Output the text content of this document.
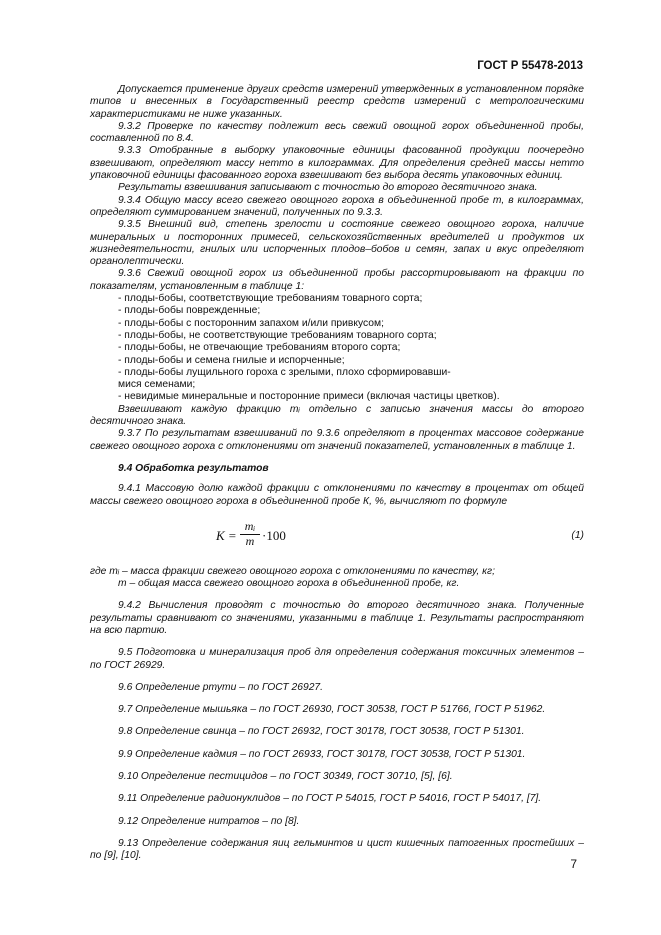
ГОСТ Р 55478-2013

Допускается применение других средств измерений утвержденных в установленном порядке типов и внесенных в Государственный реестр средств измерений с метрологическими характеристиками не ниже указанных.

9.3.2 Проверке по качеству подлежит весь свежий овощной горох объединенной пробы, составленной по 8.4.

9.3.3 Отобранные в выборку упаковочные единицы фасованной продукции поочередно взвешивают, определяют массу нетто в килограммах. Для определения средней массы нетто упаковочной единицы фасованного гороха взвешивают без выбора десять упаковочных единиц.

Результаты взвешивания записывают с точностью до второго десятичного знака.

9.3.4 Общую массу всего свежего овощного гороха в объединенной пробе m, в килограммах, определяют суммированием значений, полученных по 9.3.3.

9.3.5 Внешний вид, степень зрелости и состояние свежего овощного гороха, наличие минеральных и посторонних примесей, сельскохозяйственных вредителей и продуктов их жизнедеятельности, гнилых или испорченных плодов–бобов и семян, запах и вкус определяют органолептически.

9.3.6 Свежий овощной горох из объединенной пробы рассортировывают на фракции по показателям, установленным в таблице 1:

- плоды-бобы, соответствующие требованиям товарного сорта;

- плоды-бобы поврежденные;

- плоды-бобы с посторонним запахом и/или привкусом;

- плоды-бобы, не соответствующие требованиям товарного сорта;

- плоды-бобы, не отвечающие требованиям второго сорта;

- плоды-бобы и семена гнилые и испорченные;

- плоды-бобы лущильного гороха с зрелыми, плохо сформировавши-

мися семенами;

- невидимые минеральные и посторонние примеси (включая частицы цветков).

Взвешивают каждую фракцию mᵢ отдельно с записью значения массы до второго десятичного знака.

9.3.7 По результатам взвешиваний по 9.3.6 определяют в процентах массовое содержание свежего овощного гороха с отклонениями от значений показателей, установленных в таблице 1.

9.4 Обработка результатов

9.4.1 Массовую долю каждой фракции с отклонениями по качеству в процентах от общей массы свежего овощного гороха в объединенной пробе К, %, вычисляют по формуле

$K = \frac{\text{mᵢ}}{m} \cdot 100$	(1)

где mᵢ – масса фракции свежего овощного гороха с отклонениями по качеству, кг;

m – общая масса свежего овощного гороха в объединенной пробе, кг.

9.4.2 Вычисления проводят с точностью до второго десятичного знака. Полученные результаты сравнивают со значениями, указанными в таблице 1. Результаты распространяют на всю партию.

9.5 Подготовка и минерализация проб для определения содержания токсичных элементов – по ГОСТ 26929.

9.6 Определение ртути – по ГОСТ 26927.

9.7 Определение мышьяка – по ГОСТ 26930, ГОСТ 30538, ГОСТ Р 51766, ГОСТ Р 51962.

9.8 Определение свинца – по ГОСТ 26932, ГОСТ 30178, ГОСТ 30538, ГОСТ Р 51301.

9.9 Определение кадмия – по ГОСТ 26933, ГОСТ 30178, ГОСТ 30538, ГОСТ Р 51301.

9.10 Определение пестицидов – по ГОСТ 30349, ГОСТ 30710, [5], [6].

9.11 Определение радионуклидов – по ГОСТ Р 54015, ГОСТ Р 54016, ГОСТ Р 54017, [7].

9.12 Определение нитратов – по [8].

9.13 Определение содержания яиц гельминтов и цист кишечных патогенных простейших – по [9], [10].

7
